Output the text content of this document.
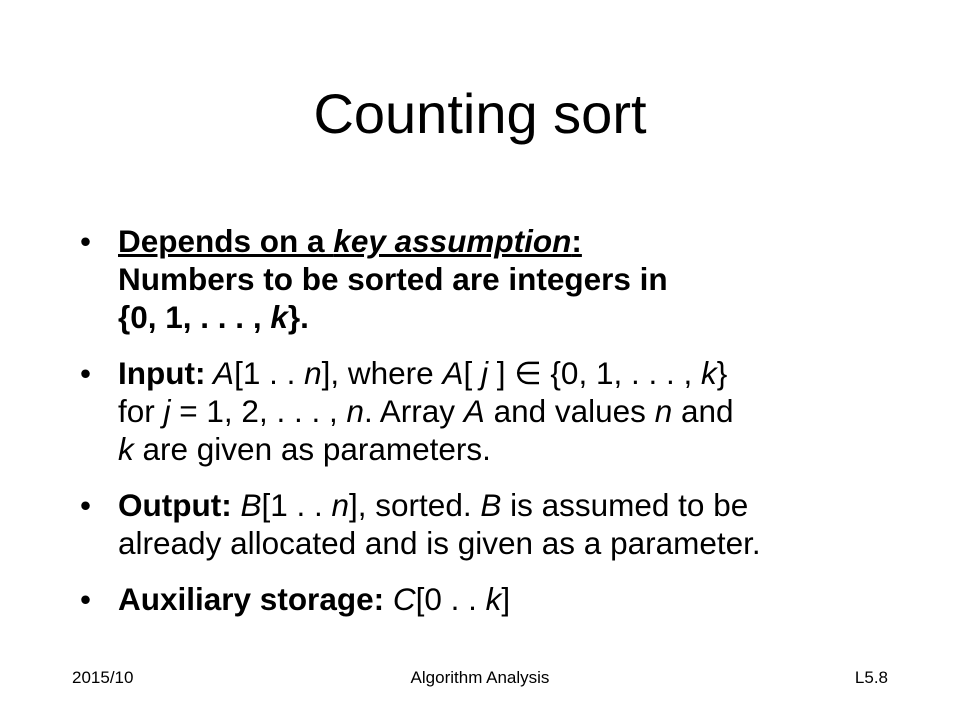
Counting sort
• Depends on a key assumption:
Numbers to be sorted are integers in
{0, 1, . . . , k}.
• Input: A[1 . . n], where A[ j ] ∈ {0, 1, . . . , k}
for j = 1, 2, . . . , n. Array A and values n and
k are given as parameters.
• Output: B[1 . . n], sorted. B is assumed to be
already allocated and is given as a parameter.
• Auxiliary storage: C[0 . . k]
2015/10	Algorithm Analysis	L5.8
